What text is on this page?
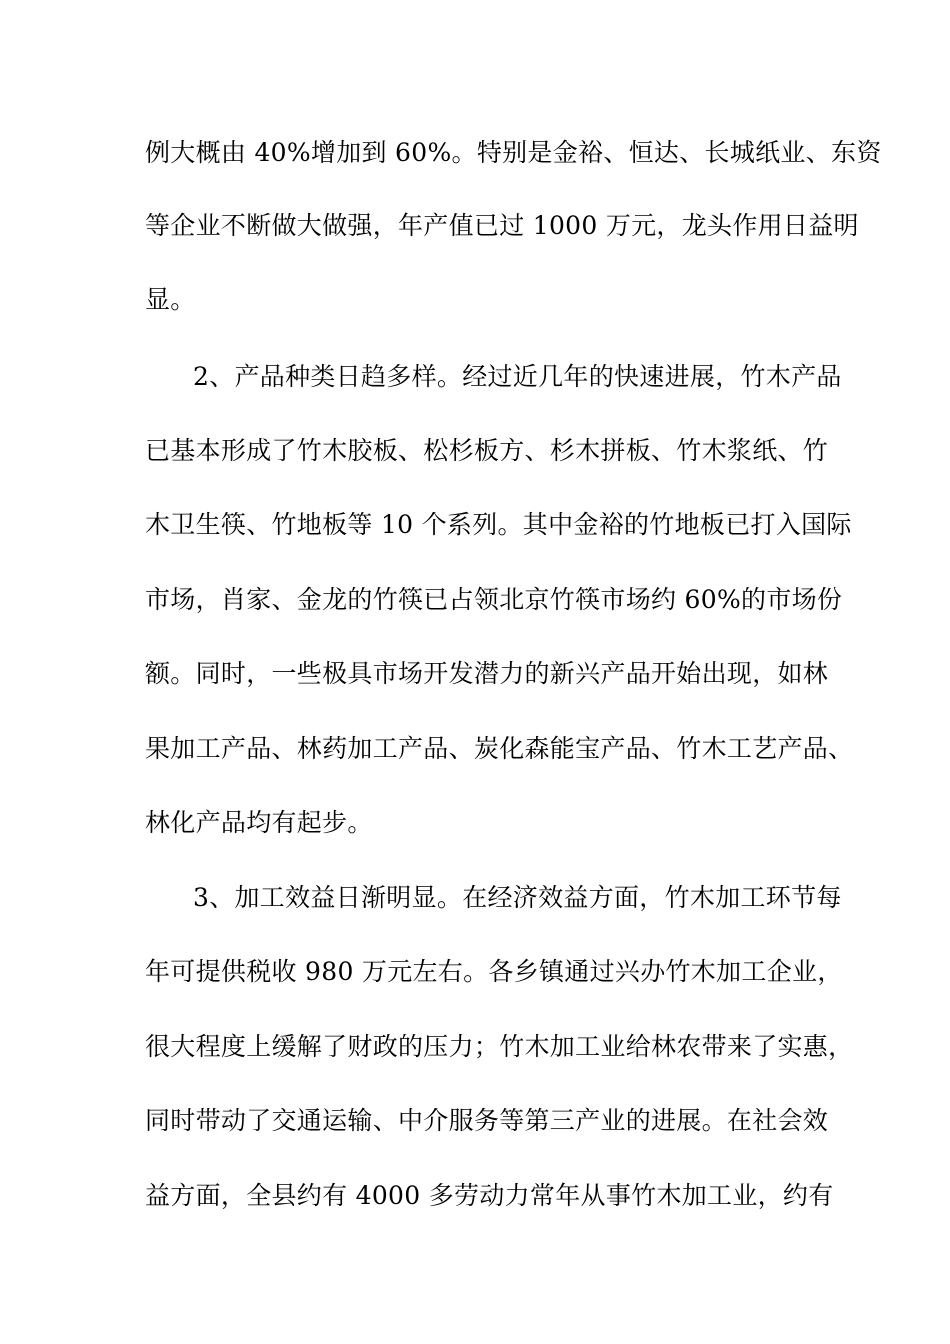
例大概由 40%增加到 60%。特别是金裕、恒达、长城纸业、东资
等企业不断做大做强，年产值已过 1000 万元，龙头作用日益明
显。
2、产品种类日趋多样。经过近几年的快速进展，竹木产品
已基本形成了竹木胶板、松杉板方、杉木拼板、竹木浆纸、竹
木卫生筷、竹地板等 10 个系列。其中金裕的竹地板已打入国际
市场，肖家、金龙的竹筷已占领北京竹筷市场约 60%的市场份
额。同时，一些极具市场开发潜力的新兴产品开始出现，如林
果加工产品、林药加工产品、炭化森能宝产品、竹木工艺产品、
林化产品均有起步。
3、加工效益日渐明显。在经济效益方面，竹木加工环节每
年可提供税收 980 万元左右。各乡镇通过兴办竹木加工企业，
很大程度上缓解了财政的压力；竹木加工业给林农带来了实惠，
同时带动了交通运输、中介服务等第三产业的进展。在社会效
益方面，全县约有 4000 多劳动力常年从事竹木加工业，约有
